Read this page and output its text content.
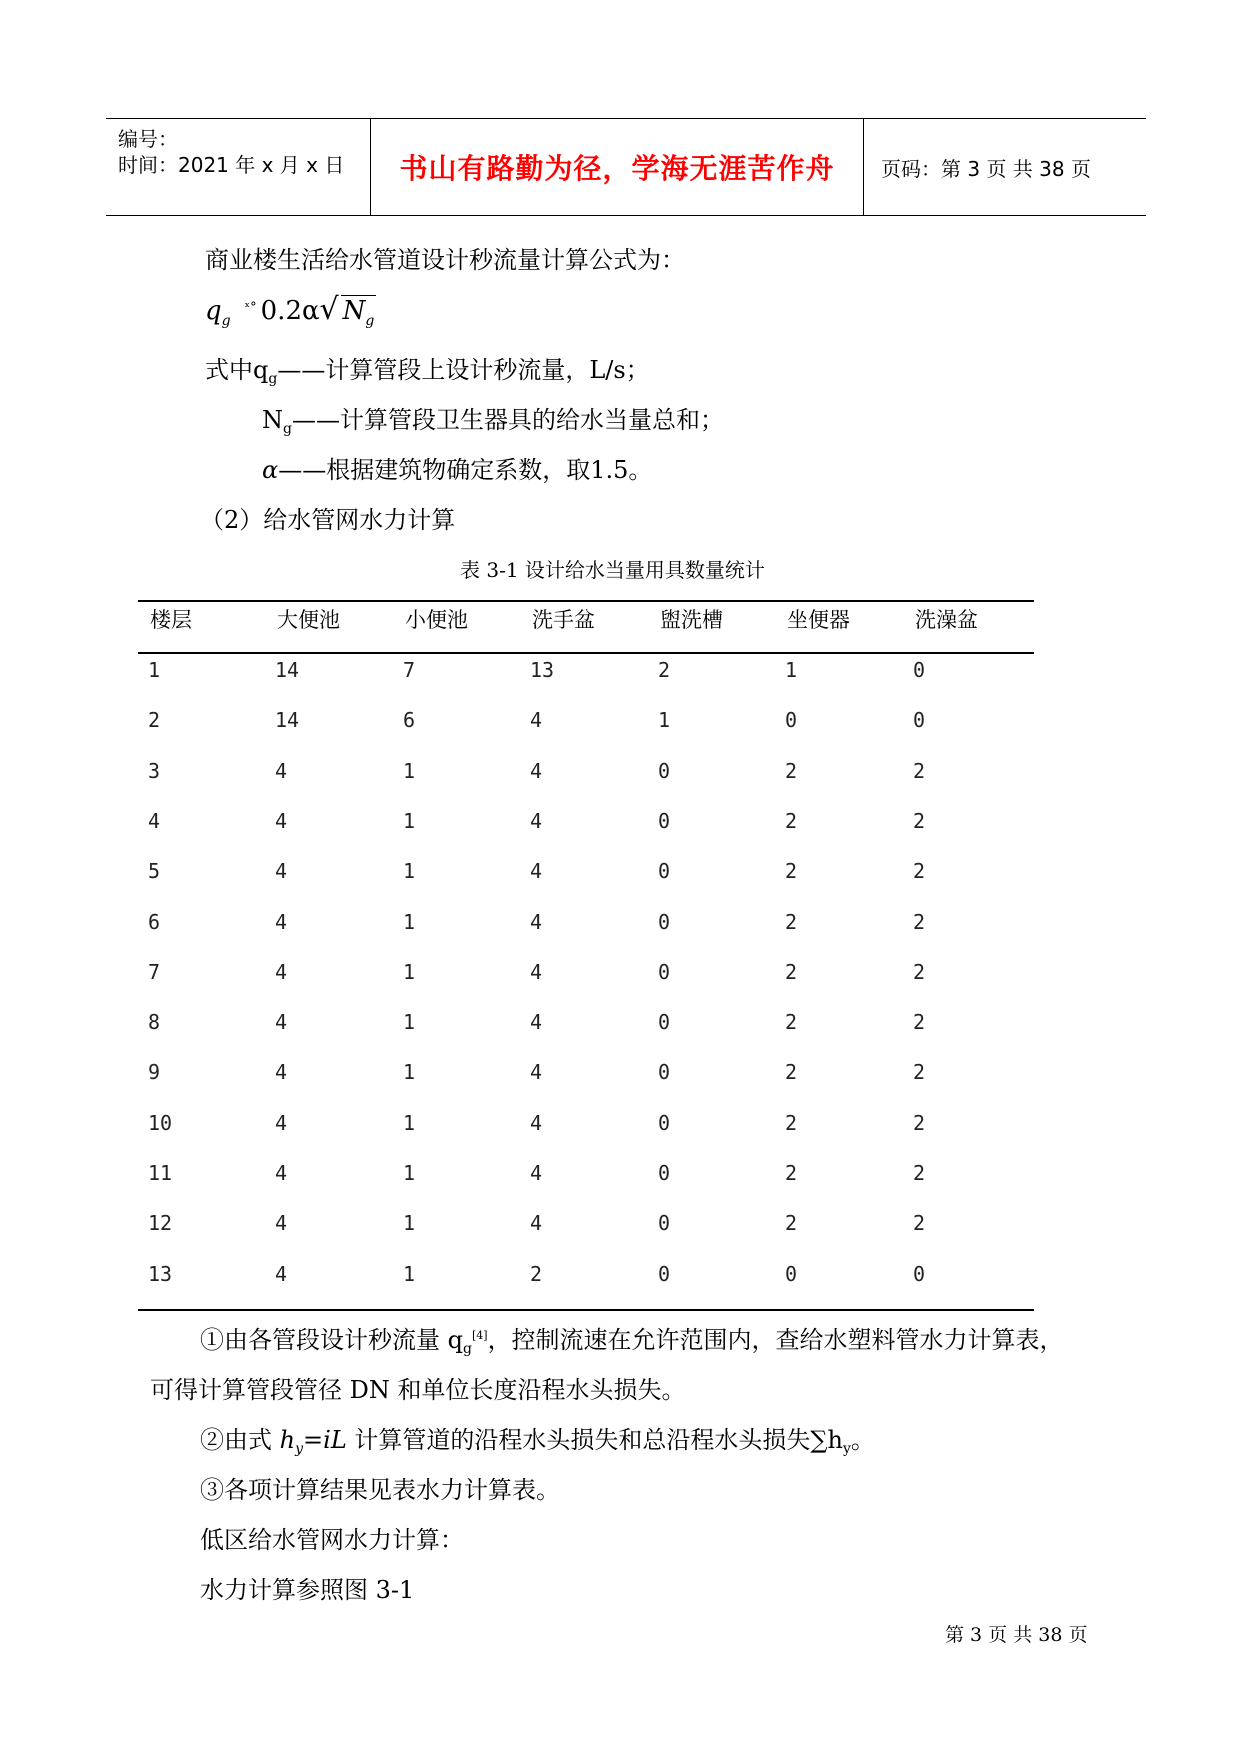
编号：
时间：2021 年 x 月 x 日 书山有路勤为径，学海无涯苦作舟 页码：第 3 页 共 38 页
商业楼生活给水管道设计秒流量计算公式为：
$q_g^{ˣ^\circ}$ 0.2α√ $N_g$
式中$q_g——$计算管段上设计秒流量，L/s；
$N_g——$计算管段卫生器具的给水当量总和；
α——根据建筑物确定系数，取1.5。
（2）给水管网水力计算
表 3-1 设计给水当量用具数量统计
楼层	大便池	小便池	洗手盆	盥洗槽	坐便器	洗澡盆
1	14	7	13	2	1	0
2	14	6	4	1	0	0
3	4	1	4	0	2	2
4	4	1	4	0	2	2
5	4	1	4	0	2	2
6	4	1	4	0	2	2
7	4	1	4	0	2	2
8	4	1	4	0	2	2
9	4	1	4	0	2	2
10	4	1	4	0	2	2
11	4	1	4	0	2	2
12	4	1	4	0	2	2
13	4	1	2	0	0	0
①由各管段设计秒流量 $q_g[4]$，控制流速在允许范围内，查给水塑料管水力计算表，
可得计算管段管径 DN 和单位长度沿程水头损失。
②由式 $h_y=iL$ 计算管道的沿程水头损失和总沿程水头损失$\sum h_y$。
③各项计算结果见表水力计算表。
低区给水管网水力计算：
水力计算参照图 3-1
第 3 页 共 38 页
